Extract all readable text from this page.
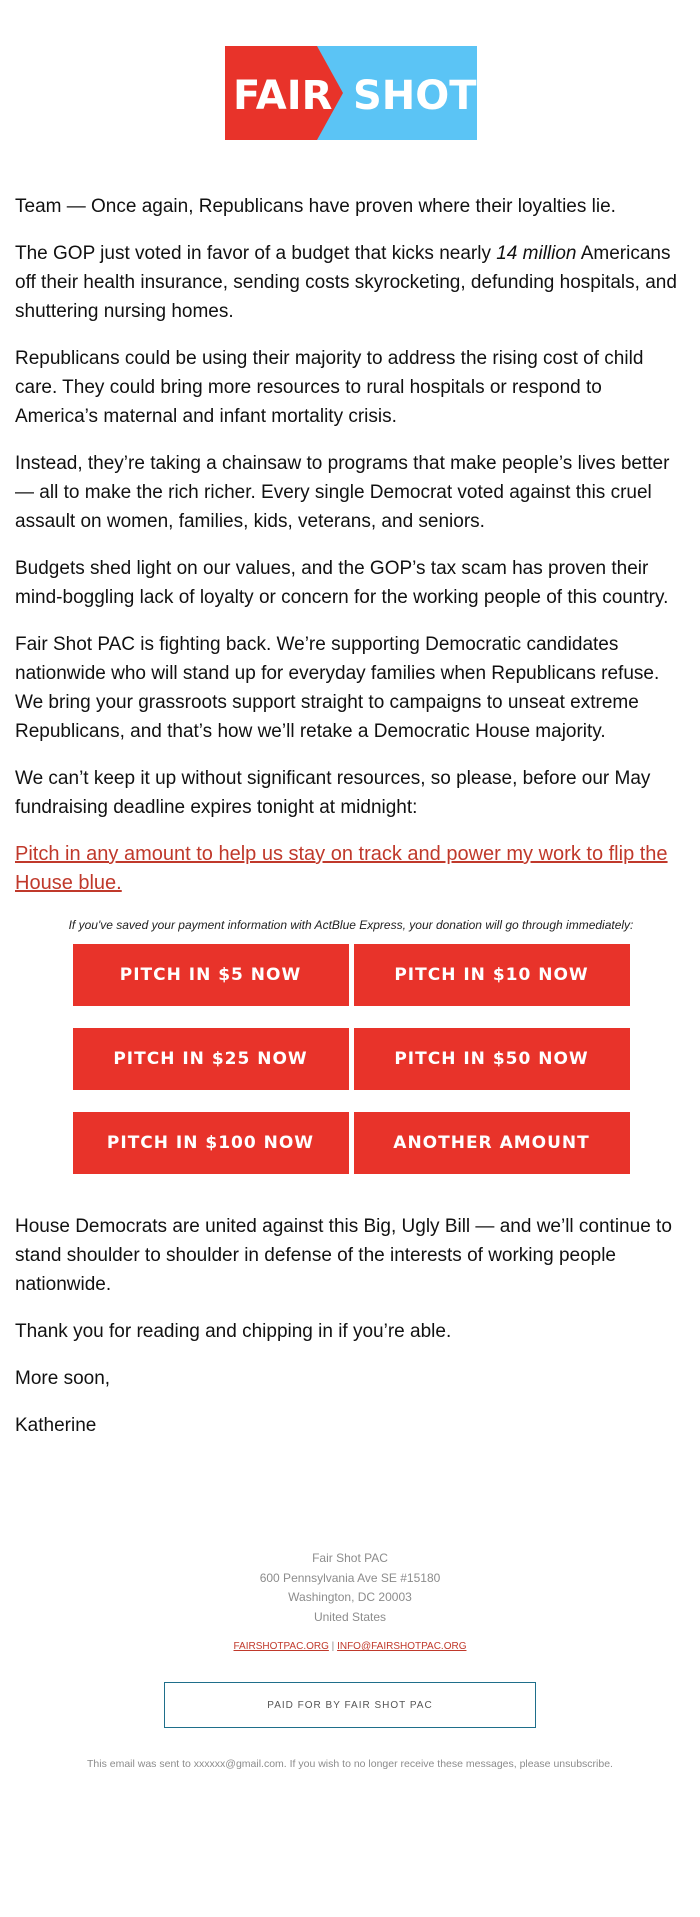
FAIR SHOT

Team — Once again, Republicans have proven where their loyalties lie.

The GOP just voted in favor of a budget that kicks nearly 14 million Americans off their health insurance, sending costs skyrocketing, defunding hospitals, and shuttering nursing homes.

Republicans could be using their majority to address the rising cost of child care. They could bring more resources to rural hospitals or respond to America’s maternal and infant mortality crisis.

Instead, they’re taking a chainsaw to programs that make people’s lives better — all to make the rich richer. Every single Democrat voted against this cruel assault on women, families, kids, veterans, and seniors.

Budgets shed light on our values, and the GOP’s tax scam has proven their mind-boggling lack of loyalty or concern for the working people of this country.

Fair Shot PAC is fighting back. We’re supporting Democratic candidates nationwide who will stand up for everyday families when Republicans refuse. We bring your grassroots support straight to campaigns to unseat extreme Republicans, and that’s how we’ll retake a Democratic House majority.

We can’t keep it up without significant resources, so please, before our May fundraising deadline expires tonight at midnight:

Pitch in any amount to help us stay on track and power my work to flip the House blue.

If you've saved your payment information with ActBlue Express, your donation will go through immediately:

PITCH IN $5 NOW	PITCH IN $10 NOW
PITCH IN $25 NOW	PITCH IN $50 NOW
PITCH IN $100 NOW	ANOTHER AMOUNT

House Democrats are united against this Big, Ugly Bill — and we’ll continue to stand shoulder to shoulder in defense of the interests of working people nationwide.

Thank you for reading and chipping in if you’re able.

More soon,

Katherine

Fair Shot PAC
600 Pennsylvania Ave SE #15180
Washington, DC 20003
United States
FAIRSHOTPAC.ORG | INFO@FAIRSHOTPAC.ORG
PAID FOR BY FAIR SHOT PAC
This email was sent to xxxxxx@gmail.com. If you wish to no longer receive these messages, please unsubscribe.
